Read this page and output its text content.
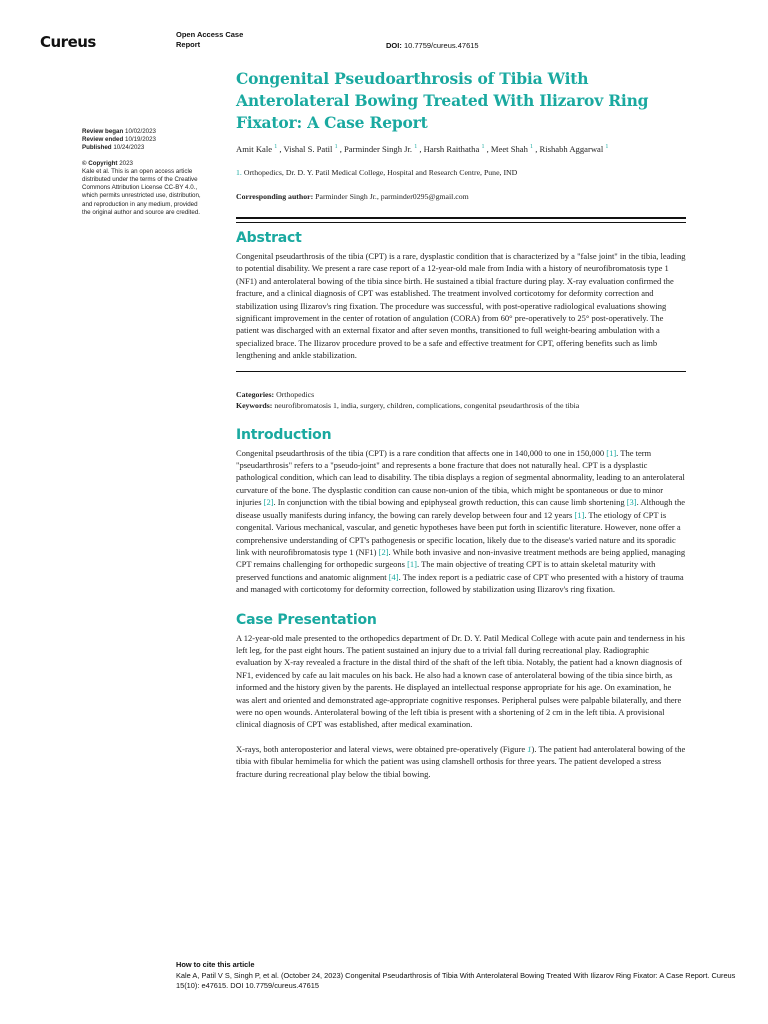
Cureus	Open Access Case
Report	DOI: 10.7759/cureus.47615
Review began 10/02/2023
Review ended 10/19/2023
Published 10/24/2023
© Copyright 2023
Kale et al. This is an open access article
distributed under the terms of the Creative
Commons Attribution License CC-BY 4.0.,
which permits unrestricted use, distribution,
and reproduction in any medium, provided
the original author and source are credited.
Congenital Pseudoarthrosis of Tibia With
Anterolateral Bowing Treated With Ilizarov Ring
Fixator: A Case Report
Amit Kale $^1$ , Vishal S. Patil $^1$ , Parminder Singh Jr. $^1$ , Harsh Raithatha $^1$ , Meet Shah $^1$ , Rishabh Aggarwal $^1$
1. Orthopedics, Dr. D. Y. Patil Medical College, Hospital and Research Centre, Pune, IND
Corresponding author: Parminder Singh Jr., parminder0295@gmail.com
Abstract

Congenital pseudarthrosis of the tibia (CPT) is a rare, dysplastic condition that is characterized by a "false joint" in the tibia, leading to potential disability. We present a rare case report of a 12-year-old male from India with a history of neurofibromatosis type 1 (NF1) and anterolateral bowing of the tibia since birth. He sustained a tibial fracture during play. X-ray evaluation confirmed the fracture, and a clinical diagnosis of CPT was established. The treatment involved corticotomy for deformity correction and stabilization using Ilizarov's ring fixation. The procedure was successful, with post-operative radiological evaluations showing significant improvement in the center of rotation of angulation (CORA) from 60° pre-operatively to 25° post-operatively. The patient was discharged with an external fixator and after seven months, transitioned to full weight-bearing ambulation with a specialized brace. The Ilizarov procedure proved to be a safe and effective treatment for CPT, offering benefits such as limb lengthening and ankle stabilization.

Categories: Orthopedics
Keywords: neurofibromatosis 1, india, surgery, children, complications, congenital pseudarthrosis of the tibia
Introduction

Congenital pseudarthrosis of the tibia (CPT) is a rare condition that affects one in 140,000 to one in 150,000 [1]. The term "pseudarthrosis" refers to a "pseudo-joint" and represents a bone fracture that does not naturally heal. CPT is a dysplastic pathological condition, which can lead to disability. The tibia displays a region of segmental abnormality, leading to an anterolateral curvature of the bone. The dysplastic condition can cause non-union of the tibia, which might be spontaneous or due to minor injuries [2]. In conjunction with the tibial bowing and epiphyseal growth reduction, this can cause limb shortening [3]. Although the disease usually manifests during infancy, the bowing can rarely develop between four and 12 years [1]. The etiology of CPT is congenital. Various mechanical, vascular, and genetic hypotheses have been put forth in scientific literature. However, none offer a comprehensive understanding of CPT's pathogenesis or specific location, likely due to the disease's varied nature and its sporadic link with neurofibromatosis type 1 (NF1) [2]. While both invasive and non-invasive treatment methods are being applied, managing CPT remains challenging for orthopedic surgeons [1]. The main objective of treating CPT is to attain skeletal maturity with preserved functions and anatomic alignment [4]. The index report is a pediatric case of CPT who presented with a history of trauma and managed with corticotomy for deformity correction, followed by stabilization using Ilizarov's ring fixation.

Case Presentation

A 12-year-old male presented to the orthopedics department of Dr. D. Y. Patil Medical College with acute pain and tenderness in his left leg, for the past eight hours. The patient sustained an injury due to a trivial fall during recreational play. Radiographic evaluation by X-ray revealed a fracture in the distal third of the shaft of the left tibia. Notably, the patient had a known diagnosis of NF1, evidenced by cafe au lait macules on his back. He also had a known case of anterolateral bowing of the tibia since birth, as informed and the history given by the parents. He displayed an intellectual response appropriate for his age. On examination, he was alert and oriented and demonstrated age-appropriate cognitive responses. Peripheral pulses were palpable bilaterally, and there were no open wounds. Anterolateral bowing of the left tibia is present with a shortening of 2 cm in the left tibia. A provisional clinical diagnosis of CPT was established, after medical examination.

X-rays, both anteroposterior and lateral views, were obtained pre-operatively (Figure 1). The patient had anterolateral bowing of the tibia with fibular hemimelia for which the patient was using clamshell orthosis for three years. The patient developed a stress fracture during recreational play below the tibial bowing.

How to cite this article
Kale A, Patil V S, Singh P, et al. (October 24, 2023) Congenital Pseudarthrosis of Tibia With Anterolateral Bowing Treated With Ilizarov Ring Fixator: A Case Report. Cureus 15(10): e47615. DOI 10.7759/cureus.47615
